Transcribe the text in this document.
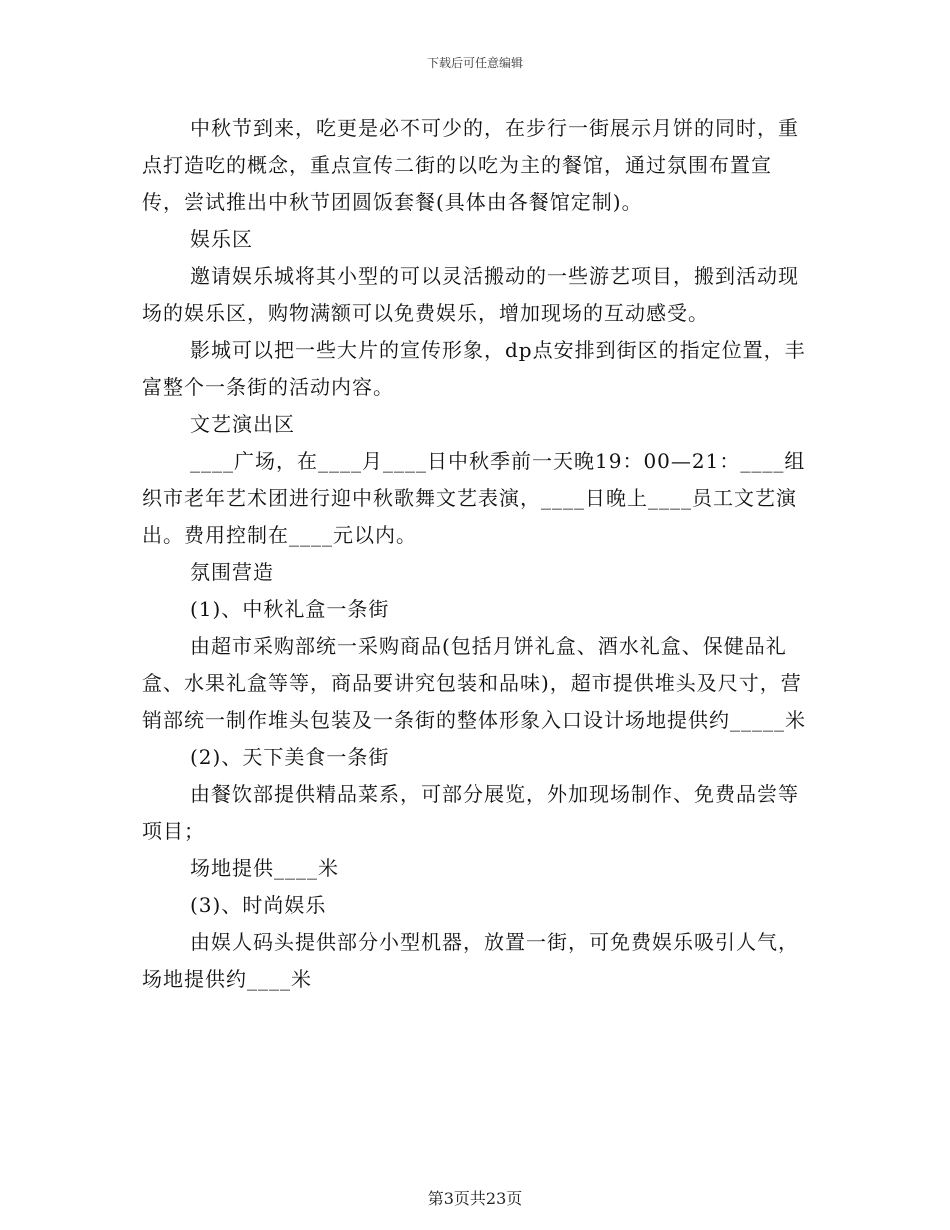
下载后可任意编辑

中秋节到来，吃更是必不可少的，在步行一街展示月饼的同时，重点打造吃的概念，重点宣传二街的以吃为主的餐馆，通过氛围布置宣传，尝试推出中秋节团圆饭套餐(具体由各餐馆定制)。

娱乐区

邀请娱乐城将其小型的可以灵活搬动的一些游艺项目，搬到活动现场的娱乐区，购物满额可以免费娱乐，增加现场的互动感受。

影城可以把一些大片的宣传形象，dp点安排到街区的指定位置，丰富整个一条街的活动内容。

文艺演出区

____广场，在____月____日中秋季前一天晚19：00—21：____组织市老年艺术团进行迎中秋歌舞文艺表演，____日晚上____员工文艺演出。费用控制在____元以内。

氛围营造

(1)、中秋礼盒一条街

由超市采购部统一采购商品(包括月饼礼盒、酒水礼盒、保健品礼盒、水果礼盒等等，商品要讲究包装和品味)，超市提供堆头及尺寸，营销部统一制作堆头包装及一条街的整体形象入口设计场地提供约_____米

(2)、天下美食一条街

由餐饮部提供精品菜系，可部分展览，外加现场制作、免费品尝等项目；

场地提供____米

(3)、时尚娱乐

由娱人码头提供部分小型机器，放置一街，可免费娱乐吸引人气，场地提供约____米

第3页共23页
